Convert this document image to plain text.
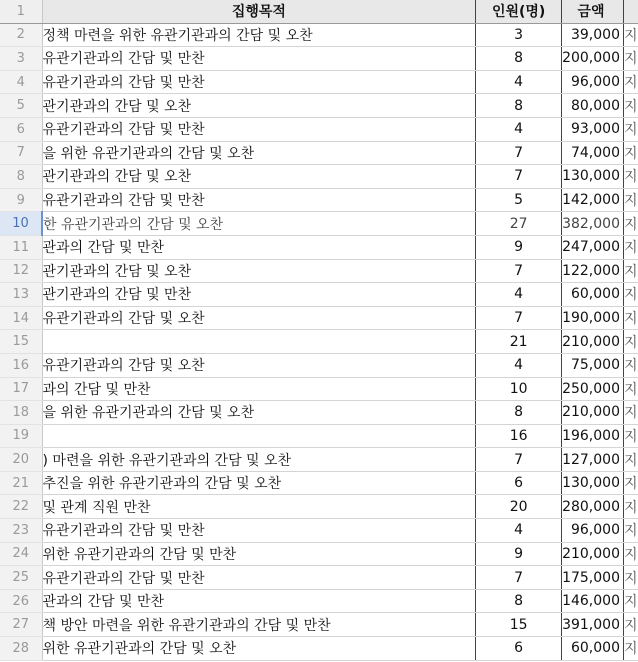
1	집행목적	인원(명)	금액	
2	정책 마련을 위한 유관기관과의 간담 및 오찬	3	39,000	지
3	유관기관과의 간담 및 만찬	8	200,000	지
4	유관기관과의 간담 및 만찬	4	96,000	지
5	관기관과의 간담 및 오찬	8	80,000	지
6	유관기관과의 간담 및 만찬	4	93,000	지
7	을 위한 유관기관과의 간담 및 오찬	7	74,000	지
8	관기관과의 간담 및 오찬	7	130,000	지
9	유관기관과의 간담 및 만찬	5	142,000	지
10	한 유관기관과의 간담 및 오찬	27	382,000	지
11	관과의 간담 및 만찬	9	247,000	지
12	관기관과의 간담 및 오찬	7	122,000	지
13	관기관과의 간담 및 만찬	4	60,000	지
14	유관기관과의 간담 및 오찬	7	190,000	지
15		21	210,000	지
16	유관기관과의 간담 및 오찬	4	75,000	지
17	과의 간담 및 만찬	10	250,000	지
18	을 위한 유관기관과의 간담 및 오찬	8	210,000	지
19		16	196,000	지
20	) 마련을 위한 유관기관과의 간담 및 오찬	7	127,000	지
21	추진을 위한 유관기관과의 간담 및 오찬	6	130,000	지
22	및 관계 직원 만찬	20	280,000	지
23	유관기관과의 간담 및 만찬	4	96,000	지
24	위한 유관기관과의 간담 및 만찬	9	210,000	지
25	유관기관과의 간담 및 만찬	7	175,000	지
26	관과의 간담 및 만찬	8	146,000	지
27	책 방안 마련을 위한 유관기관과의 간담 및 만찬	15	391,000	지
28	위한 유관기관과의 간담 및 오찬	6	60,000	지
